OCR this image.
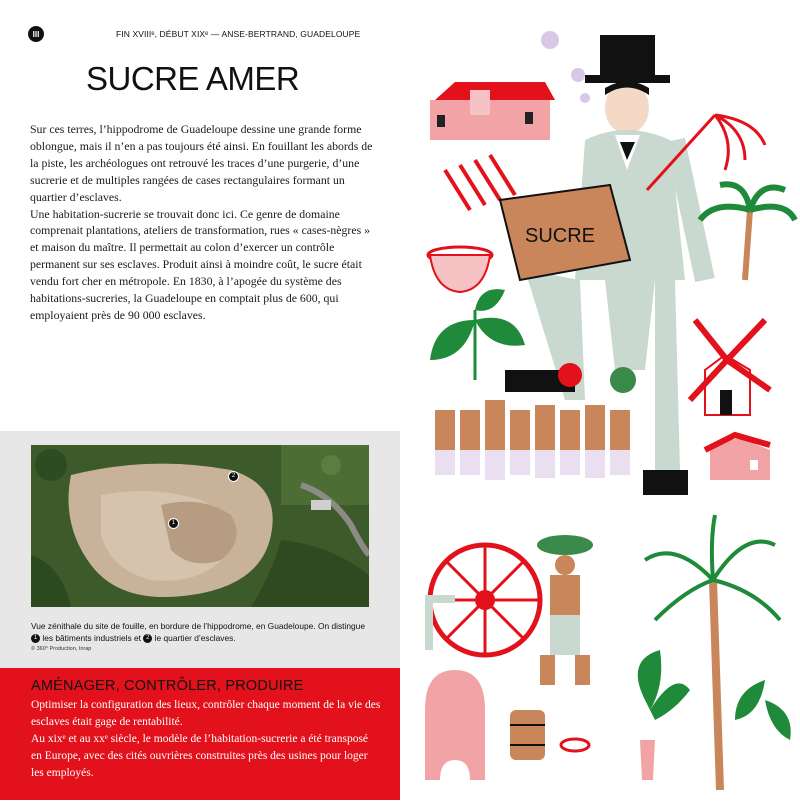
III	FIN XVIIIᵉ, DÉBUT XIXᵉ — ANSE-BERTRAND, GUADELOUPE
SUCRE AMER

Sur ces terres, l’hippodrome de Guadeloupe dessine une grande forme oblongue, mais il n’en a pas toujours été ainsi. En fouillant les abords de la piste, les archéologues ont retrouvé les traces d’une purgerie, d’une sucrerie et de multiples rangées de cases rectangulaires formant un quartier d’esclaves.

Une habitation-sucrerie se trouvait donc ici. Ce genre de domaine comprenait plantations, ateliers de transformation, rues « cases-nègres » et maison du maître. Il permettait au colon d’exercer un contrôle permanent sur ses esclaves. Produit ainsi à moindre coût, le sucre était vendu fort cher en métropole. En 1830, à l’apogée du système des habitations-sucreries, la Guadeloupe en comptait plus de 600, qui employaient près de 90 000 esclaves.

1
2
Vue zénithale du site de fouille, en bordure de l’hippodrome, en Guadeloupe. On distingue 1 les bâtiments industriels et 2 le quartier d’esclaves.
© 360° Production, Inrap
AMÉNAGER, CONTRÔLER, PRODUIRE

Optimiser la configuration des lieux, contrôler chaque moment de la vie des esclaves était gage de rentabilité.

Au xixᵉ et au xxᵉ siècle, le modèle de l’habitation-sucrerie a été transposé en Europe, avec des cités ouvrières construites près des usines pour loger les employés.

SUCRE
